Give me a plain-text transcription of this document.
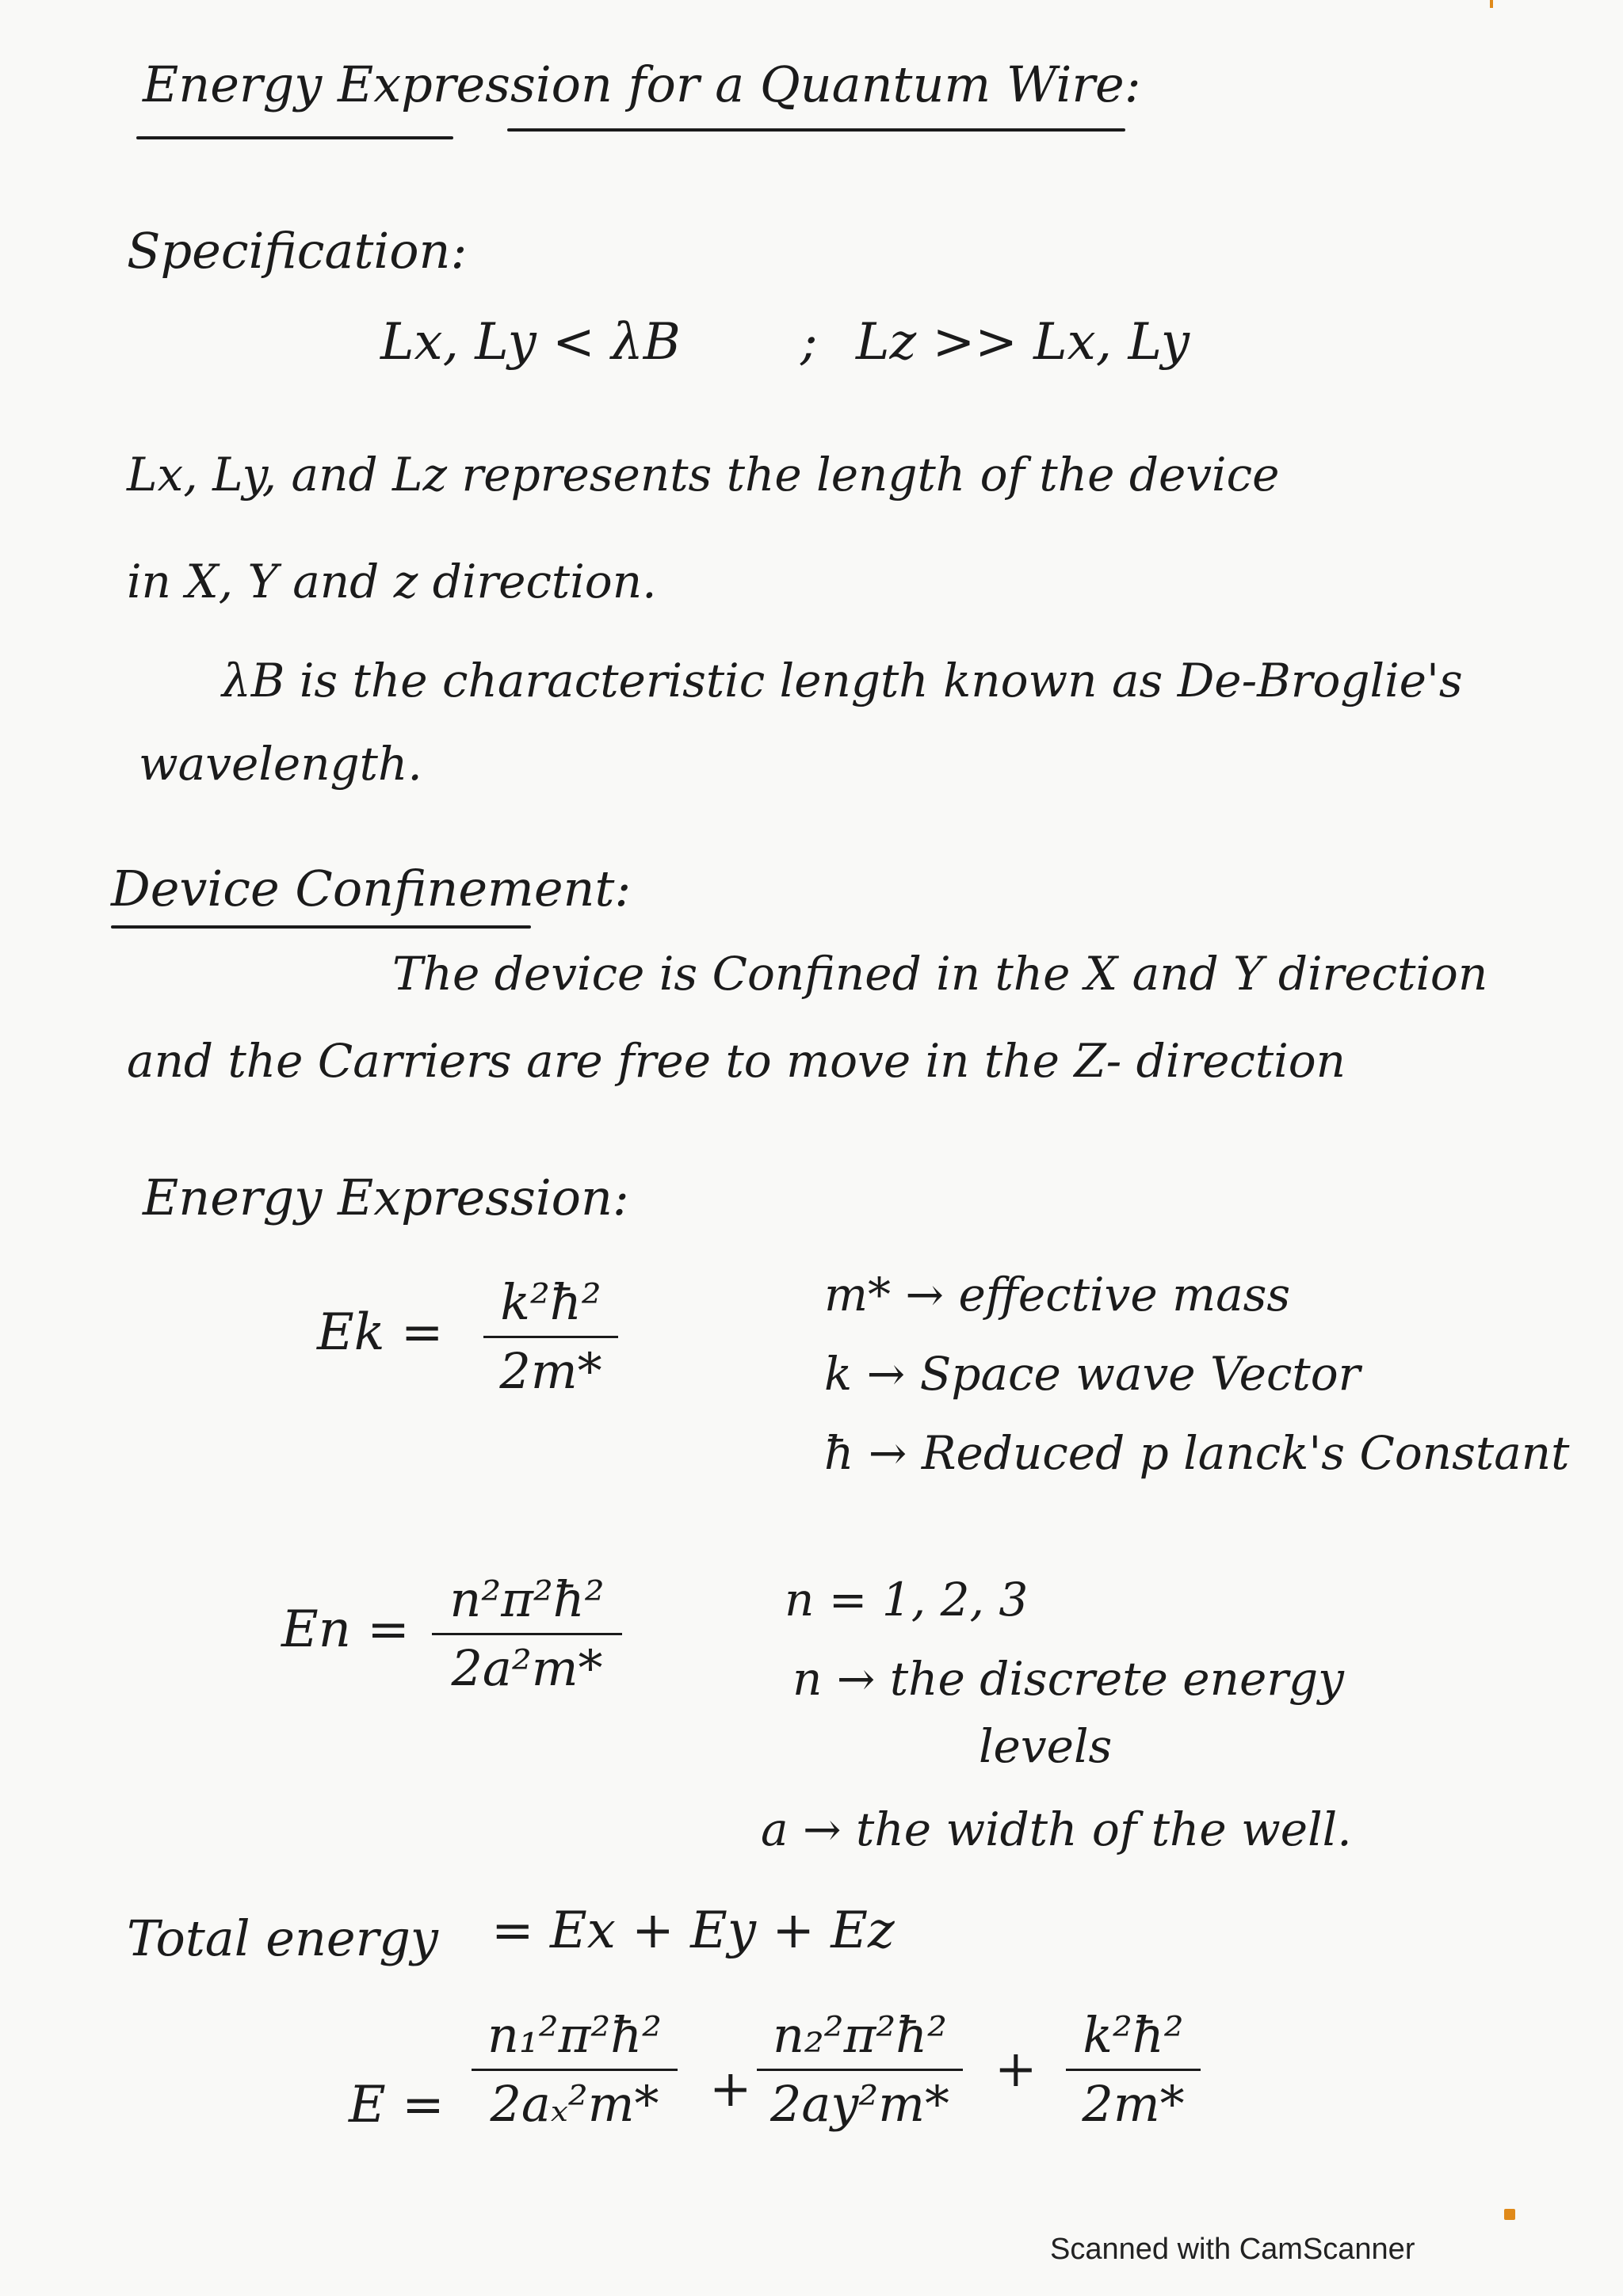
Energy Expression for a Quantum Wire:
Specification:
Lx, Ly < λB ; Lz >> Lx, Ly
Lx, Ly, and Lz represents the length of the device
in X, Y and z direction.
λB is the characteristic length known as De-Broglie's
wavelength.
Device Confinement:
The device is Confined in the X and Y direction
and the Carriers are free to move in the Z- direction
Energy Expression:
Ek =
k²ħ²
2m*
m* → effective mass
k → Space wave Vector
ħ → Reduced p lanck's Constant
En =
n²π²ħ²
2a²m*
n = 1, 2, 3
n → the discrete energy
levels
a → the width of the well.
Total energy = Ex + Ey + Ez
E =
n₁²π²ħ²
2aₓ²m* +
n₂²π²ħ²
2ay²m*
+
k²ħ²
2m*
Scanned with CamScanner
